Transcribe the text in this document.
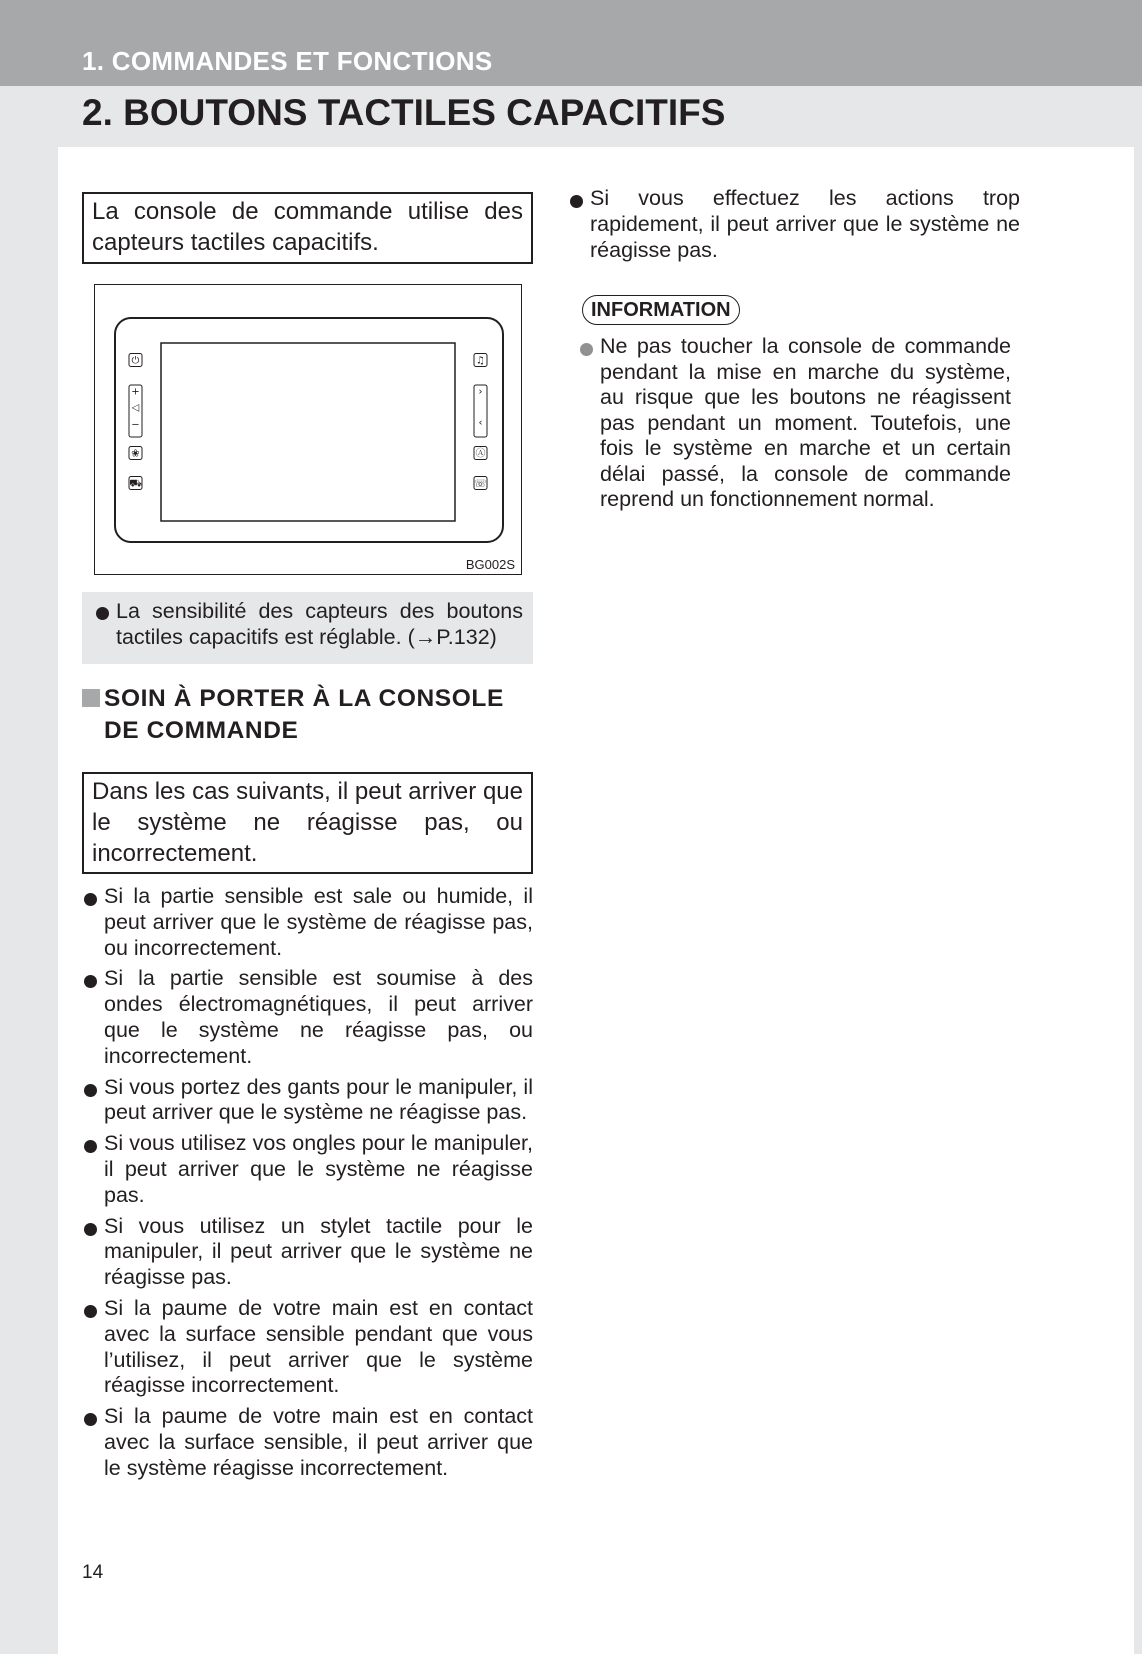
1. COMMANDES ET FONCTIONS
2. BOUTONS TACTILES CAPACITIFS
La console de commande utilise des capteurs tactiles capacitifs.
⏻
+
◁
−
❀
⛟
♫
›
‹
Ⓐ
☏
BG002S
La sensibilité des capteurs des boutons tactiles capacitifs est réglable. (→P.132)
SOIN À PORTER À LA CONSOLE
DE COMMANDE
Dans les cas suivants, il peut arriver que le système ne réagisse pas, ou incorrectement.
Si la partie sensible est sale ou humide, il peut arriver que le système de réagisse pas, ou incorrectement.
Si la partie sensible est soumise à des ondes électromagnétiques, il peut arriver que le système ne réagisse pas, ou incorrectement.
Si vous portez des gants pour le manipuler, il peut arriver que le système ne réagisse pas.
Si vous utilisez vos ongles pour le manipuler, il peut arriver que le système ne réagisse pas.
Si vous utilisez un stylet tactile pour le manipuler, il peut arriver que le système ne réagisse pas.
Si la paume de votre main est en contact avec la surface sensible pendant que vous l’utilisez, il peut arriver que le système réagisse incorrectement.
Si la paume de votre main est en contact avec la surface sensible, il peut arriver que le système réagisse incorrectement.
Si vous effectuez les actions trop rapidement, il peut arriver que le système ne réagisse pas.
INFORMATION
Ne pas toucher la console de commande pendant la mise en marche du système, au risque que les boutons ne réagissent pas pendant un moment. Toutefois, une fois le système en marche et un certain délai passé, la console de commande reprend un fonctionnement normal.
14
